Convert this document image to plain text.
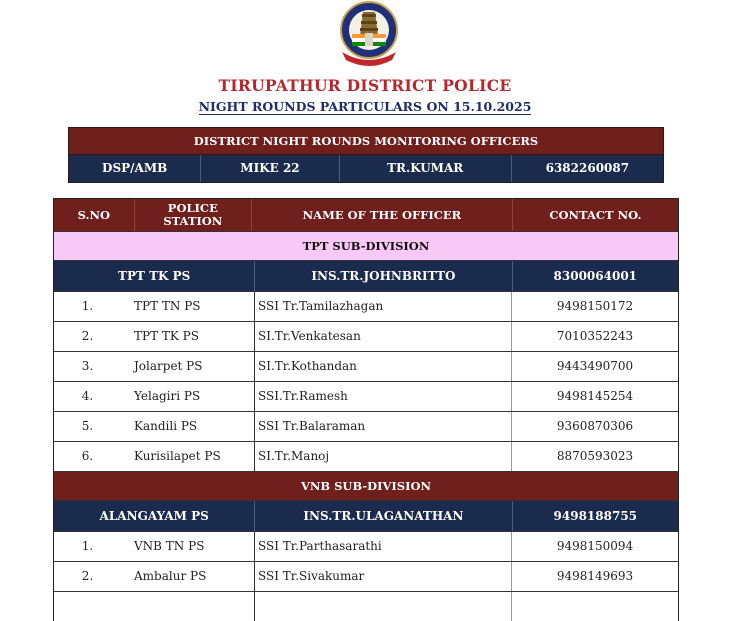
TIRUPATHUR DISTRICT POLICE
NIGHT ROUNDS PARTICULARS ON 15.10.2025
DISTRICT NIGHT ROUNDS MONITORING OFFICERS
DSP/AMB	MIKE 22	TR.KUMAR	6382260087
S.NO	POLICE STATION	NAME OF THE OFFICER	CONTACT NO.
TPT SUB-DIVISION
TPT TK PS	INS.TR.JOHNBRITTO	8300064001
1.	TPT TN PS	SSI Tr.Tamilazhagan	9498150172
2.	TPT TK PS	SI.Tr.Venkatesan	7010352243
3.	Jolarpet PS	SI.Tr.Kothandan	9443490700
4.	Yelagiri PS	SSI.Tr.Ramesh	9498145254
5.	Kandili PS	SSI Tr.Balaraman	9360870306
6.	Kurisilapet PS	SI.Tr.Manoj	8870593023
VNB SUB-DIVISION
ALANGAYAM PS	INS.TR.ULAGANATHAN	9498188755
1.	VNB TN PS	SSI Tr.Parthasarathi	9498150094
2.	Ambalur PS	SSI Tr.Sivakumar	9498149693
